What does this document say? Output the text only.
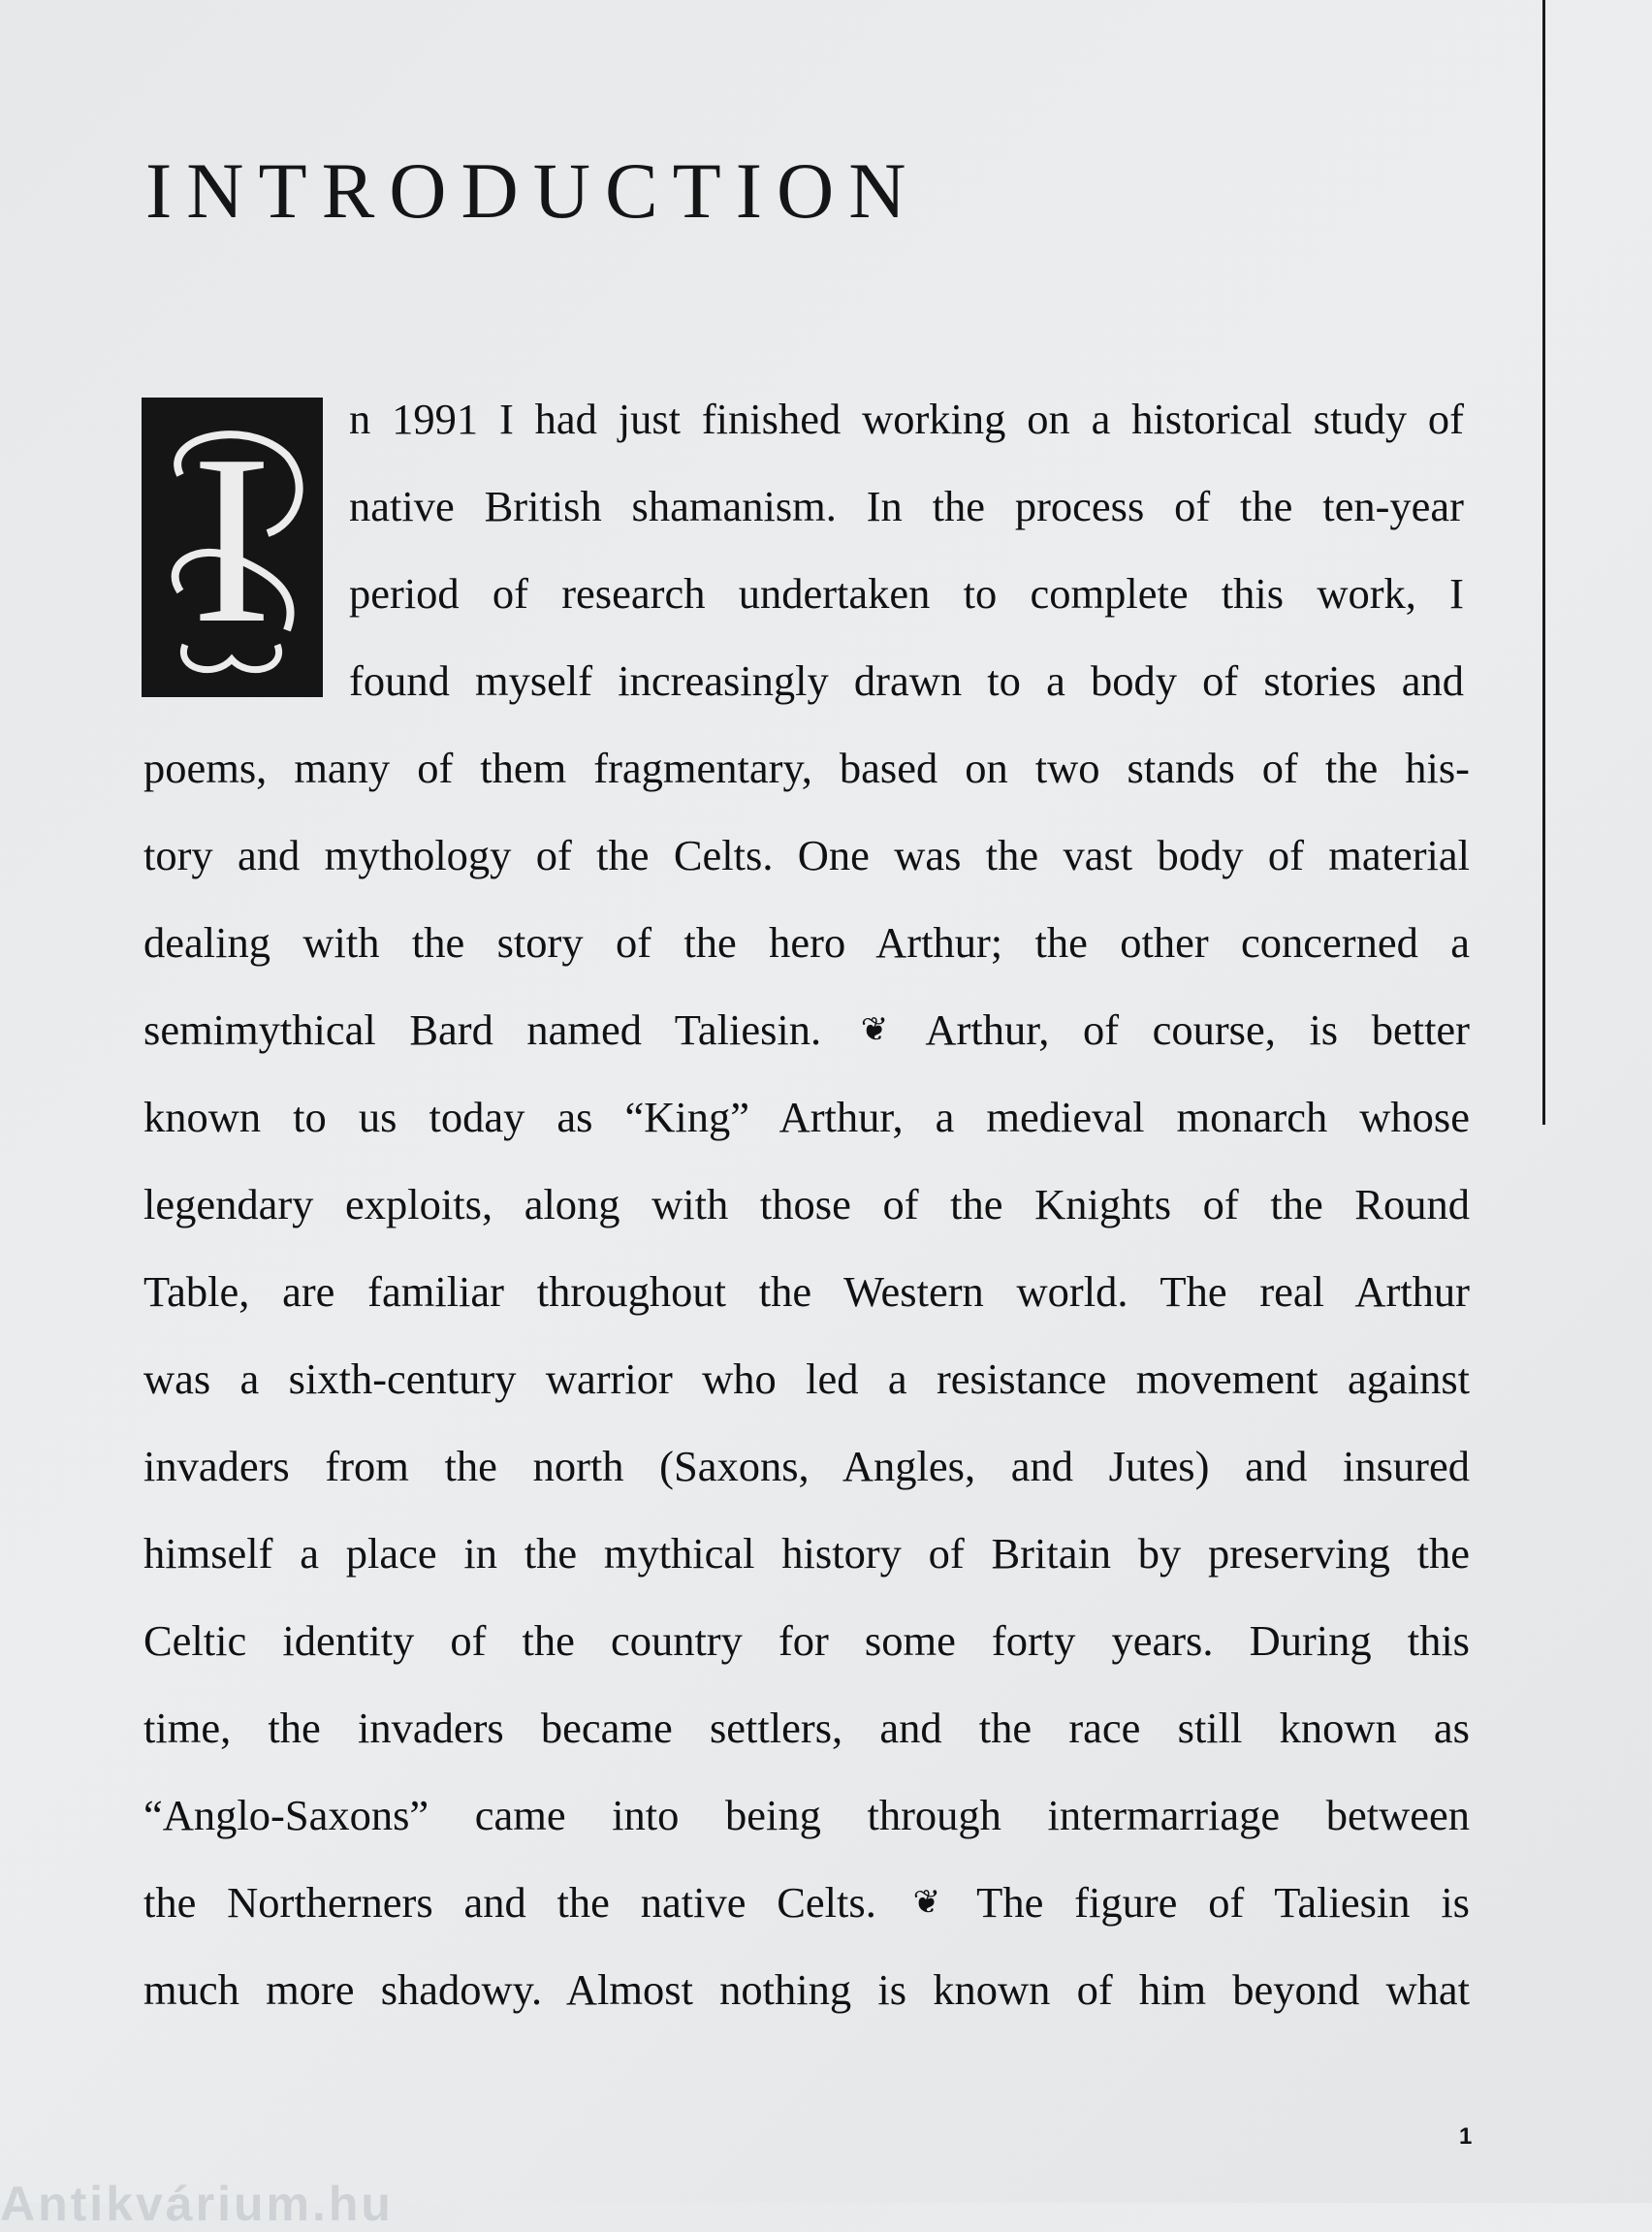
INTRODUCTION
I n 1991 I had just finished working on a historical study of
native British shamanism. In the process of the ten-year
period of research undertaken to complete this work, I
found myself increasingly drawn to a body of stories and
poems, many of them fragmentary, based on two stands of the his-
tory and mythology of the Celts. One was the vast body of material
dealing with the story of the hero Arthur; the other concerned a
semimythical Bard named Taliesin. ❦ Arthur, of course, is better
known to us today as “King” Arthur, a medieval monarch whose
legendary exploits, along with those of the Knights of the Round
Table, are familiar throughout the Western world. The real Arthur
was a sixth-century warrior who led a resistance movement against
invaders from the north (Saxons, Angles, and Jutes) and insured
himself a place in the mythical history of Britain by preserving the
Celtic identity of the country for some forty years. During this
time, the invaders became settlers, and the race still known as
“Anglo-Saxons” came into being through intermarriage between
the Northerners and the native Celts. ❦ The figure of Taliesin is
much more shadowy. Almost nothing is known of him beyond what
1
Antikvárium.hu
